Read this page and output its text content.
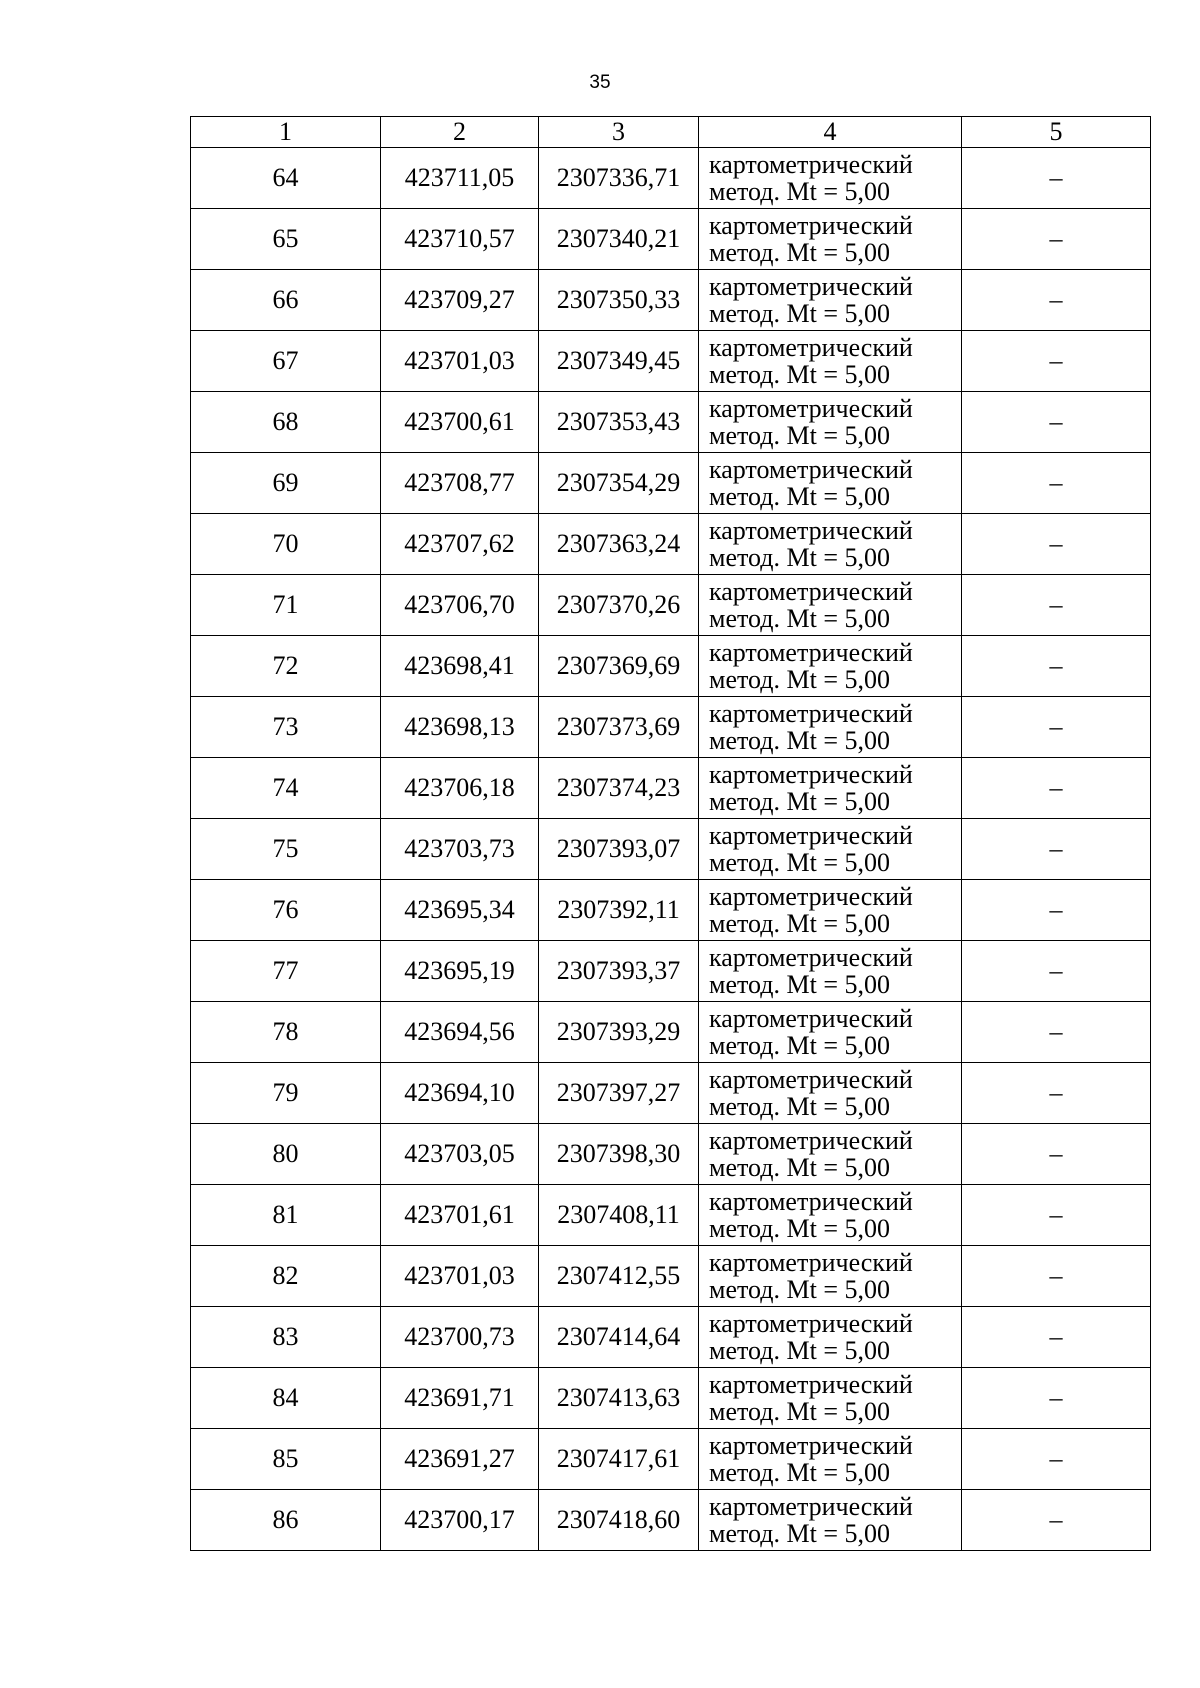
35
1	2	3	4	5
64	423711,05	2307336,71	картометрический
метод. Mt = 5,00	–
65	423710,57	2307340,21	картометрический
метод. Mt = 5,00	–
66	423709,27	2307350,33	картометрический
метод. Mt = 5,00	–
67	423701,03	2307349,45	картометрический
метод. Mt = 5,00	–
68	423700,61	2307353,43	картометрический
метод. Mt = 5,00	–
69	423708,77	2307354,29	картометрический
метод. Mt = 5,00	–
70	423707,62	2307363,24	картометрический
метод. Mt = 5,00	–
71	423706,70	2307370,26	картометрический
метод. Mt = 5,00	–
72	423698,41	2307369,69	картометрический
метод. Mt = 5,00	–
73	423698,13	2307373,69	картометрический
метод. Mt = 5,00	–
74	423706,18	2307374,23	картометрический
метод. Mt = 5,00	–
75	423703,73	2307393,07	картометрический
метод. Mt = 5,00	–
76	423695,34	2307392,11	картометрический
метод. Mt = 5,00	–
77	423695,19	2307393,37	картометрический
метод. Mt = 5,00	–
78	423694,56	2307393,29	картометрический
метод. Mt = 5,00	–
79	423694,10	2307397,27	картометрический
метод. Mt = 5,00	–
80	423703,05	2307398,30	картометрический
метод. Mt = 5,00	–
81	423701,61	2307408,11	картометрический
метод. Mt = 5,00	–
82	423701,03	2307412,55	картометрический
метод. Mt = 5,00	–
83	423700,73	2307414,64	картометрический
метод. Mt = 5,00	–
84	423691,71	2307413,63	картометрический
метод. Mt = 5,00	–
85	423691,27	2307417,61	картометрический
метод. Mt = 5,00	–
86	423700,17	2307418,60	картометрический
метод. Mt = 5,00	–
